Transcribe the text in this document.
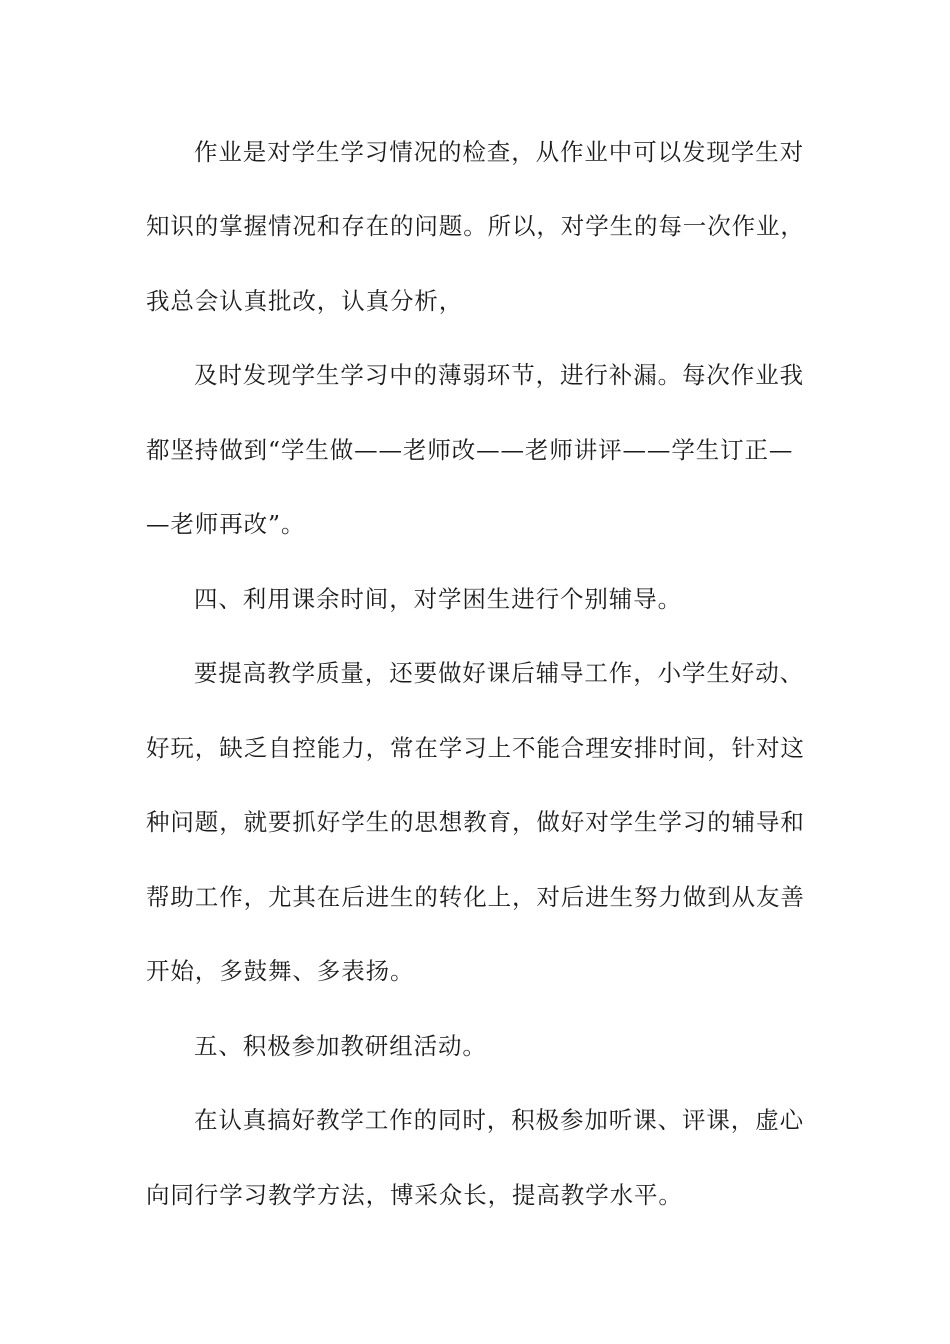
作业是对学生学习情况的检查，从作业中可以发现学生对
知识的掌握情况和存在的问题。所以，对学生的每一次作业，
我总会认真批改，认真分析，
及时发现学生学习中的薄弱环节，进行补漏。每次作业我
都坚持做到“学生做——老师改——老师讲评——学生订正—
—老师再改”。
四、利用课余时间，对学困生进行个别辅导。
要提高教学质量，还要做好课后辅导工作，小学生好动、
好玩，缺乏自控能力，常在学习上不能合理安排时间，针对这
种问题，就要抓好学生的思想教育，做好对学生学习的辅导和
帮助工作，尤其在后进生的转化上，对后进生努力做到从友善
开始，多鼓舞、多表扬。
五、积极参加教研组活动。
在认真搞好教学工作的同时，积极参加听课、评课，虚心
向同行学习教学方法，博采众长，提高教学水平。
